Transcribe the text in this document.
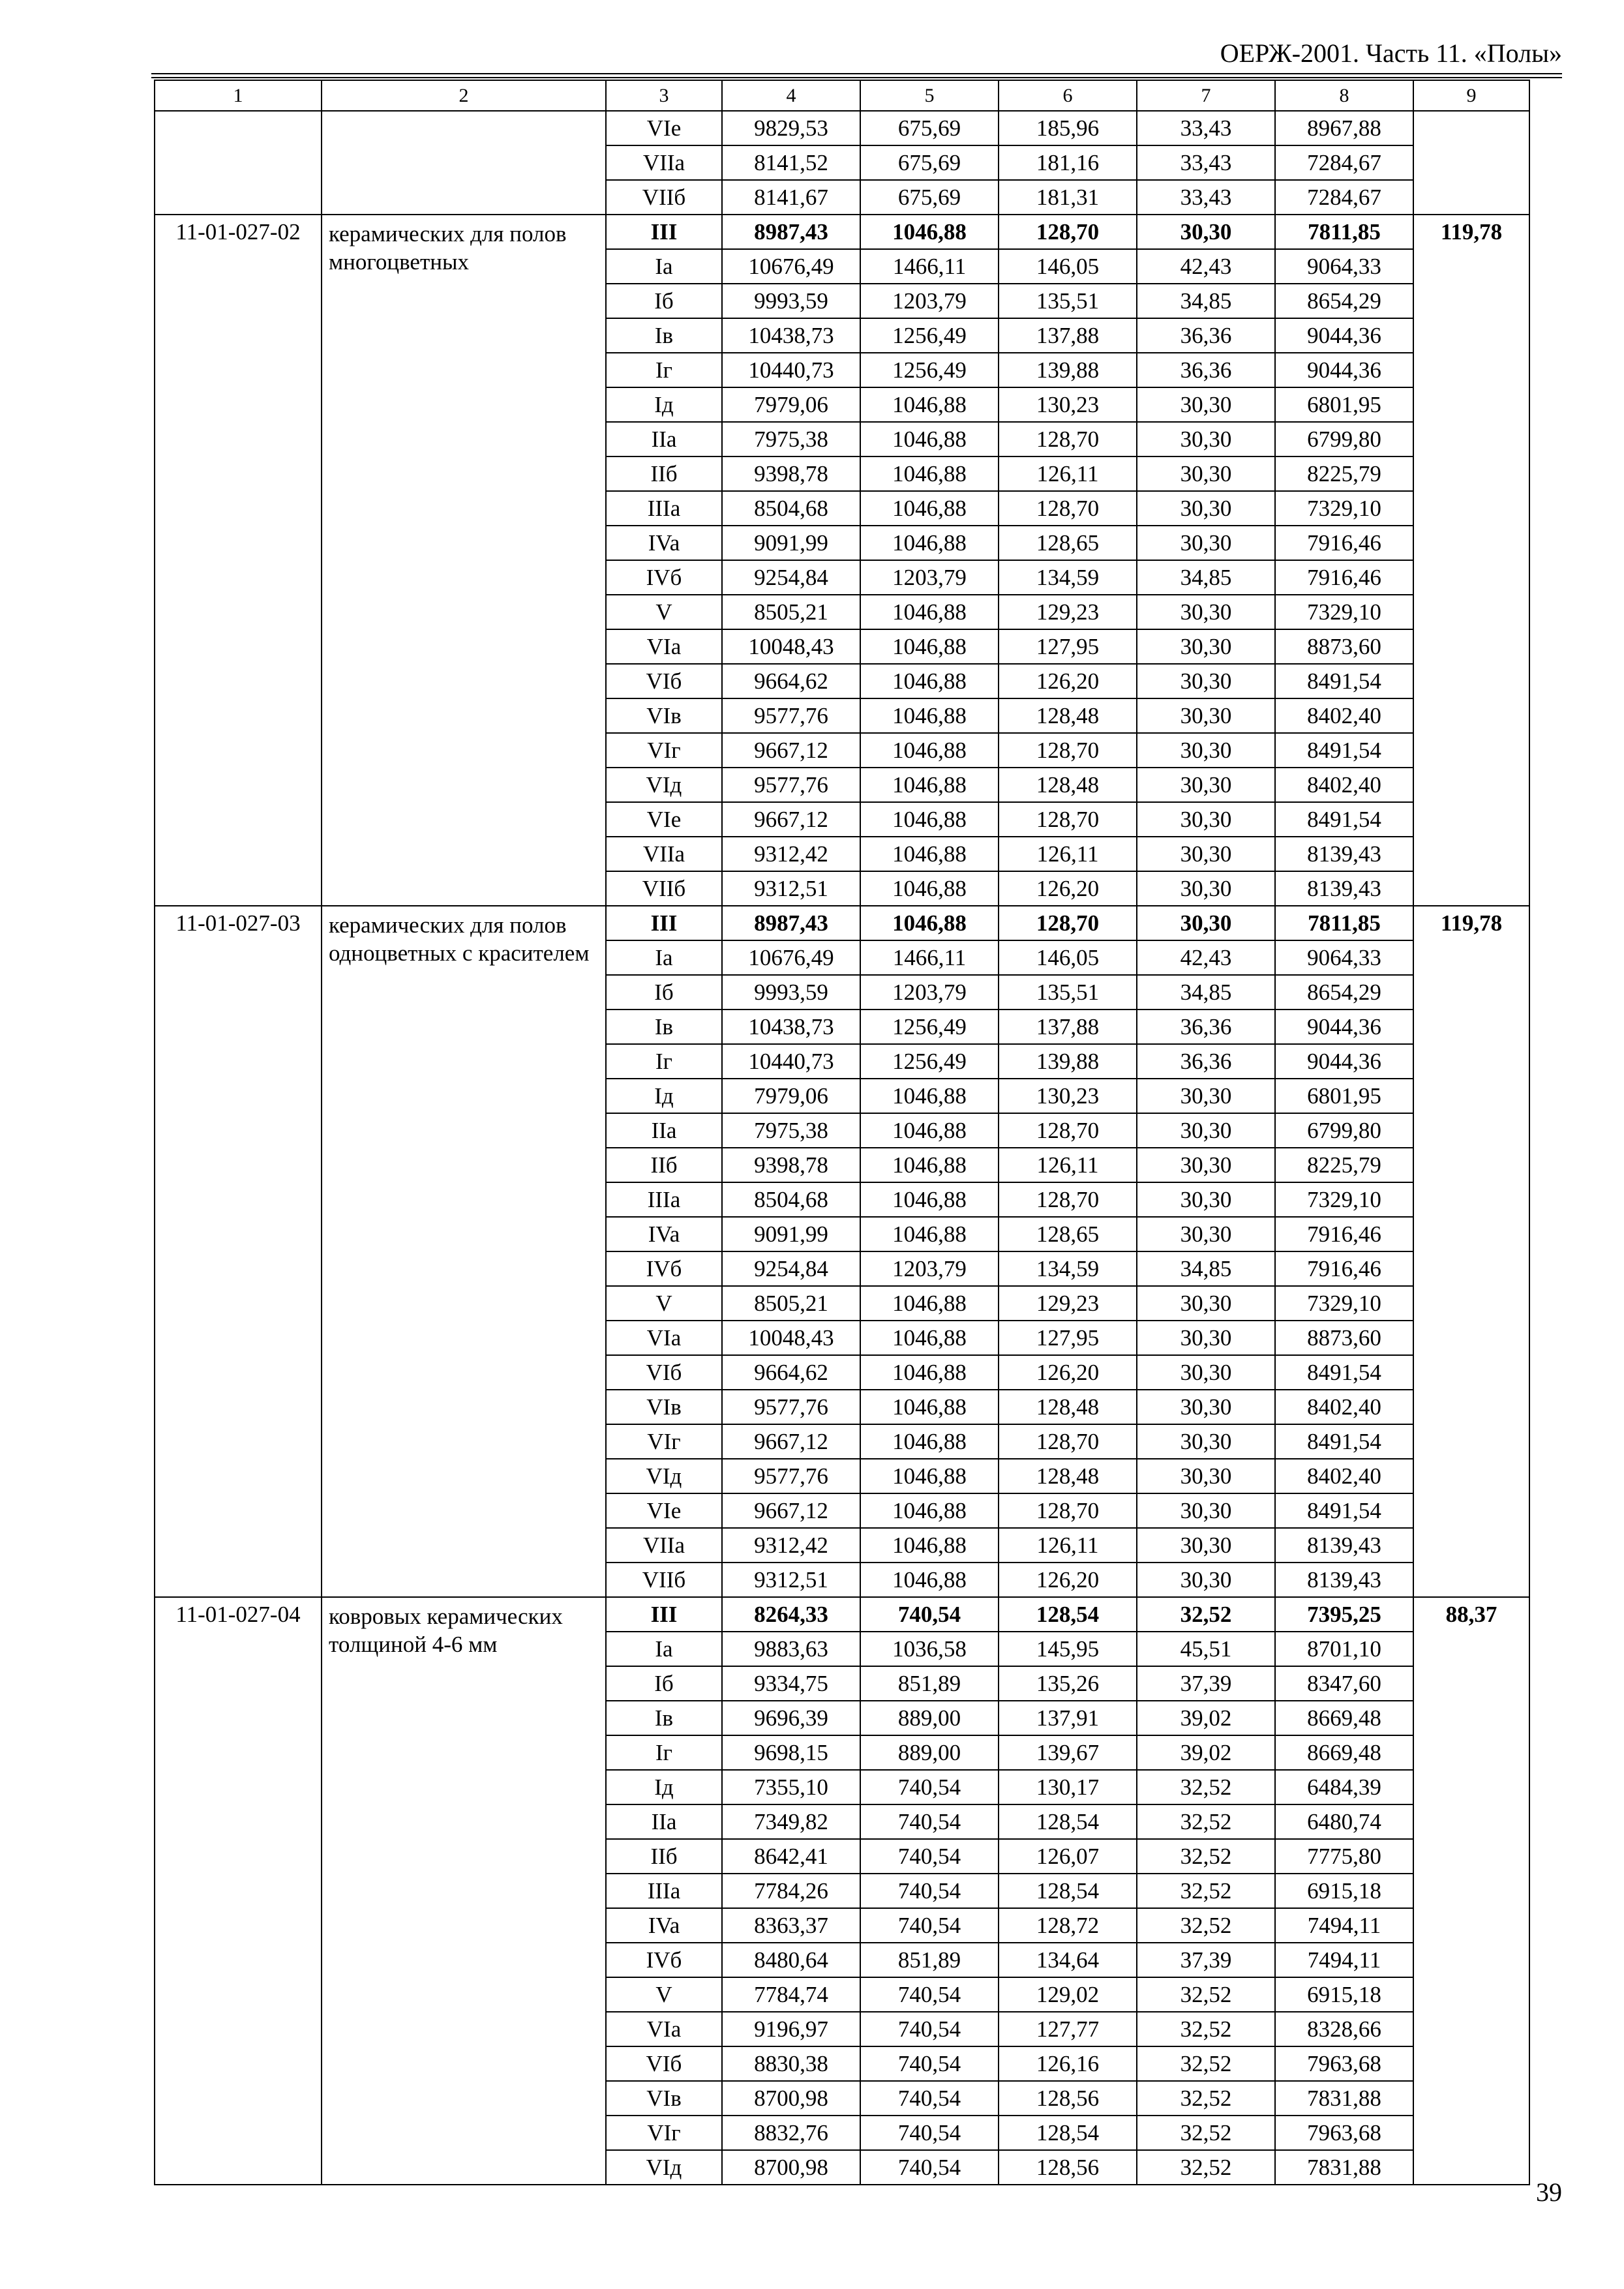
ОЕРЖ-2001. Часть 11. «Полы»
1	2	3	4	5	6	7	8	9
		VIe	9829,53	675,69	185,96	33,43	8967,88	
		VIIa	8141,52	675,69	181,16	33,43	7284,67	
		VIIб	8141,67	675,69	181,31	33,43	7284,67	
11-01-027-02	керамических для полов многоцветных	III	8987,43	1046,88	128,70	30,30	7811,85	119,78
		Ia	10676,49	1466,11	146,05	42,43	9064,33	
		Iб	9993,59	1203,79	135,51	34,85	8654,29	
		Iв	10438,73	1256,49	137,88	36,36	9044,36	
		Iг	10440,73	1256,49	139,88	36,36	9044,36	
		Iд	7979,06	1046,88	130,23	30,30	6801,95	
		IIa	7975,38	1046,88	128,70	30,30	6799,80	
		IIб	9398,78	1046,88	126,11	30,30	8225,79	
		IIIa	8504,68	1046,88	128,70	30,30	7329,10	
		IVa	9091,99	1046,88	128,65	30,30	7916,46	
		IVб	9254,84	1203,79	134,59	34,85	7916,46	
		V	8505,21	1046,88	129,23	30,30	7329,10	
		VIa	10048,43	1046,88	127,95	30,30	8873,60	
		VIб	9664,62	1046,88	126,20	30,30	8491,54	
		VIв	9577,76	1046,88	128,48	30,30	8402,40	
		VIг	9667,12	1046,88	128,70	30,30	8491,54	
		VIд	9577,76	1046,88	128,48	30,30	8402,40	
		VIe	9667,12	1046,88	128,70	30,30	8491,54	
		VIIa	9312,42	1046,88	126,11	30,30	8139,43	
		VIIб	9312,51	1046,88	126,20	30,30	8139,43	
11-01-027-03	керамических для полов одноцветных с красителем	III	8987,43	1046,88	128,70	30,30	7811,85	119,78
		Ia	10676,49	1466,11	146,05	42,43	9064,33	
		Iб	9993,59	1203,79	135,51	34,85	8654,29	
		Iв	10438,73	1256,49	137,88	36,36	9044,36	
		Iг	10440,73	1256,49	139,88	36,36	9044,36	
		Iд	7979,06	1046,88	130,23	30,30	6801,95	
		IIa	7975,38	1046,88	128,70	30,30	6799,80	
		IIб	9398,78	1046,88	126,11	30,30	8225,79	
		IIIa	8504,68	1046,88	128,70	30,30	7329,10	
		IVa	9091,99	1046,88	128,65	30,30	7916,46	
		IVб	9254,84	1203,79	134,59	34,85	7916,46	
		V	8505,21	1046,88	129,23	30,30	7329,10	
		VIa	10048,43	1046,88	127,95	30,30	8873,60	
		VIб	9664,62	1046,88	126,20	30,30	8491,54	
		VIв	9577,76	1046,88	128,48	30,30	8402,40	
		VIг	9667,12	1046,88	128,70	30,30	8491,54	
		VIд	9577,76	1046,88	128,48	30,30	8402,40	
		VIe	9667,12	1046,88	128,70	30,30	8491,54	
		VIIa	9312,42	1046,88	126,11	30,30	8139,43	
		VIIб	9312,51	1046,88	126,20	30,30	8139,43	
11-01-027-04	ковровых керамических толщиной 4-6 мм	III	8264,33	740,54	128,54	32,52	7395,25	88,37
		Ia	9883,63	1036,58	145,95	45,51	8701,10	
		Iб	9334,75	851,89	135,26	37,39	8347,60	
		Iв	9696,39	889,00	137,91	39,02	8669,48	
		Iг	9698,15	889,00	139,67	39,02	8669,48	
		Iд	7355,10	740,54	130,17	32,52	6484,39	
		IIa	7349,82	740,54	128,54	32,52	6480,74	
		IIб	8642,41	740,54	126,07	32,52	7775,80	
		IIIa	7784,26	740,54	128,54	32,52	6915,18	
		IVa	8363,37	740,54	128,72	32,52	7494,11	
		IVб	8480,64	851,89	134,64	37,39	7494,11	
		V	7784,74	740,54	129,02	32,52	6915,18	
		VIa	9196,97	740,54	127,77	32,52	8328,66	
		VIб	8830,38	740,54	126,16	32,52	7963,68	
		VIв	8700,98	740,54	128,56	32,52	7831,88	
		VIг	8832,76	740,54	128,54	32,52	7963,68	
		VIд	8700,98	740,54	128,56	32,52	7831,88	
39
